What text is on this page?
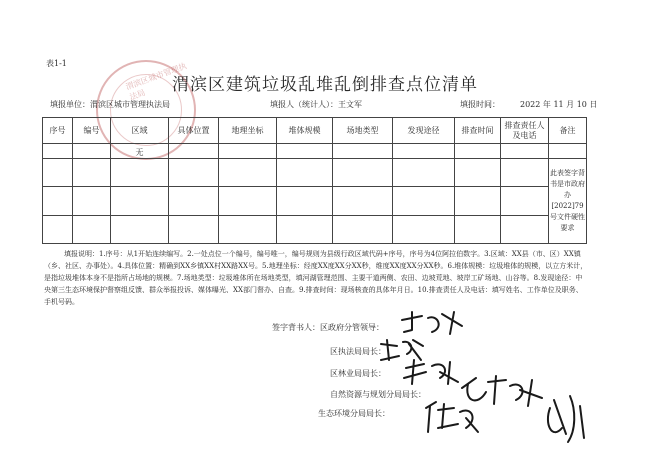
表1-1	渭滨区城市管理执法局
渭滨区建筑垃圾乱堆乱倒排查点位清单
填报单位：渭滨区城市管理执法局	填报人（统计人）：王文军	填报时间：	2022 年 11 月 10 日
序号	编号	区域	具体位置	地理坐标	堆体规模	场地类型	发现途径	排查时间	排查责任人及电话	备注
		无								
										此表签字背书是市政府办[2022]79号文件硬性要求

填报说明：1.序号：从1开始连续编写。2.一处点位一个编号，编号唯一，编号规则为县级行政区域代码+序号，序号为4位阿拉伯数字。3.区域：XX县（市、区）XX镇（乡、社区、办事处）。4.具体位置：精确到XX乡镇XX村XX路XX号。5.地理坐标：经度XX度XX分XX秒，维度XX度XX分XX秒。6.堆体规模：垃圾堆体的规模，以立方米计，是指垃圾堆体本身不是指所占场地的规模。7.场地类型：垃圾堆体所在场地类型，填河湖管理范围、主要干道两侧、农田、边坡荒地、坡岸工矿场地、山谷等。8.发现途径：中央第三生态环境保护督察组反馈、群众举报投诉、媒体曝光、XX部门督办、自查。9.排查时间：现场核查的具体年月日。10.排查责任人及电话：填写姓名、工作单位及职务、手机号码。
签字背书人：区政府分管领导：
区执法局局长：
区林业局局长：
自然资源与规划分局局长：
生态环境分局局长：
